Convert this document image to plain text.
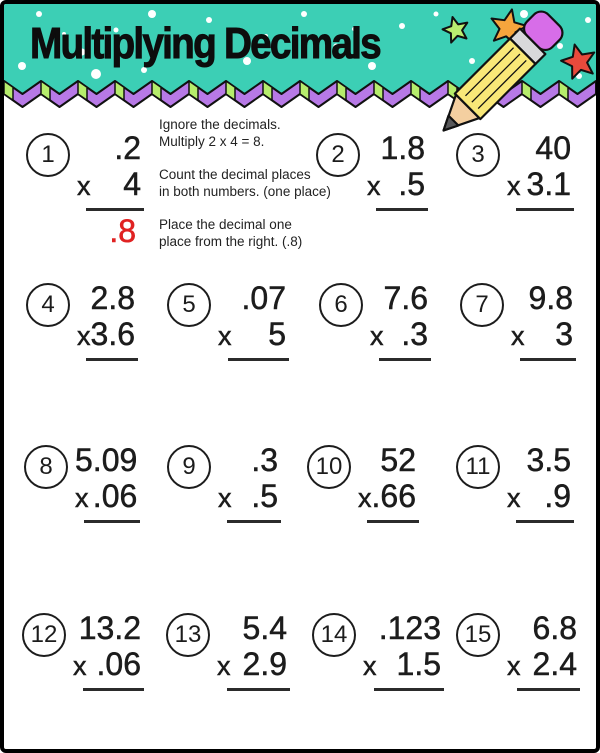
Multiplying Decimals

Ignore the decimals.
Multiply 2 x 4 = 8.

Count the decimal places
in both numbers. (one place)

Place the decimal one
place from the right. (.8)

1	.2
x 4
.8
2	1.8
x .5
3	40
x 3.1
4	2.8
x 3.6
5	.07
x 5
6	7.6
x .3
7	9.8
x 3
8 5.09
x .06
9	.3
x .5
10	52
x .66
11	3.5
x .9
12 13.2
x .06
13	5.4
x 2.9
14 .123
x 1.5
15	6.8
x 2.4
